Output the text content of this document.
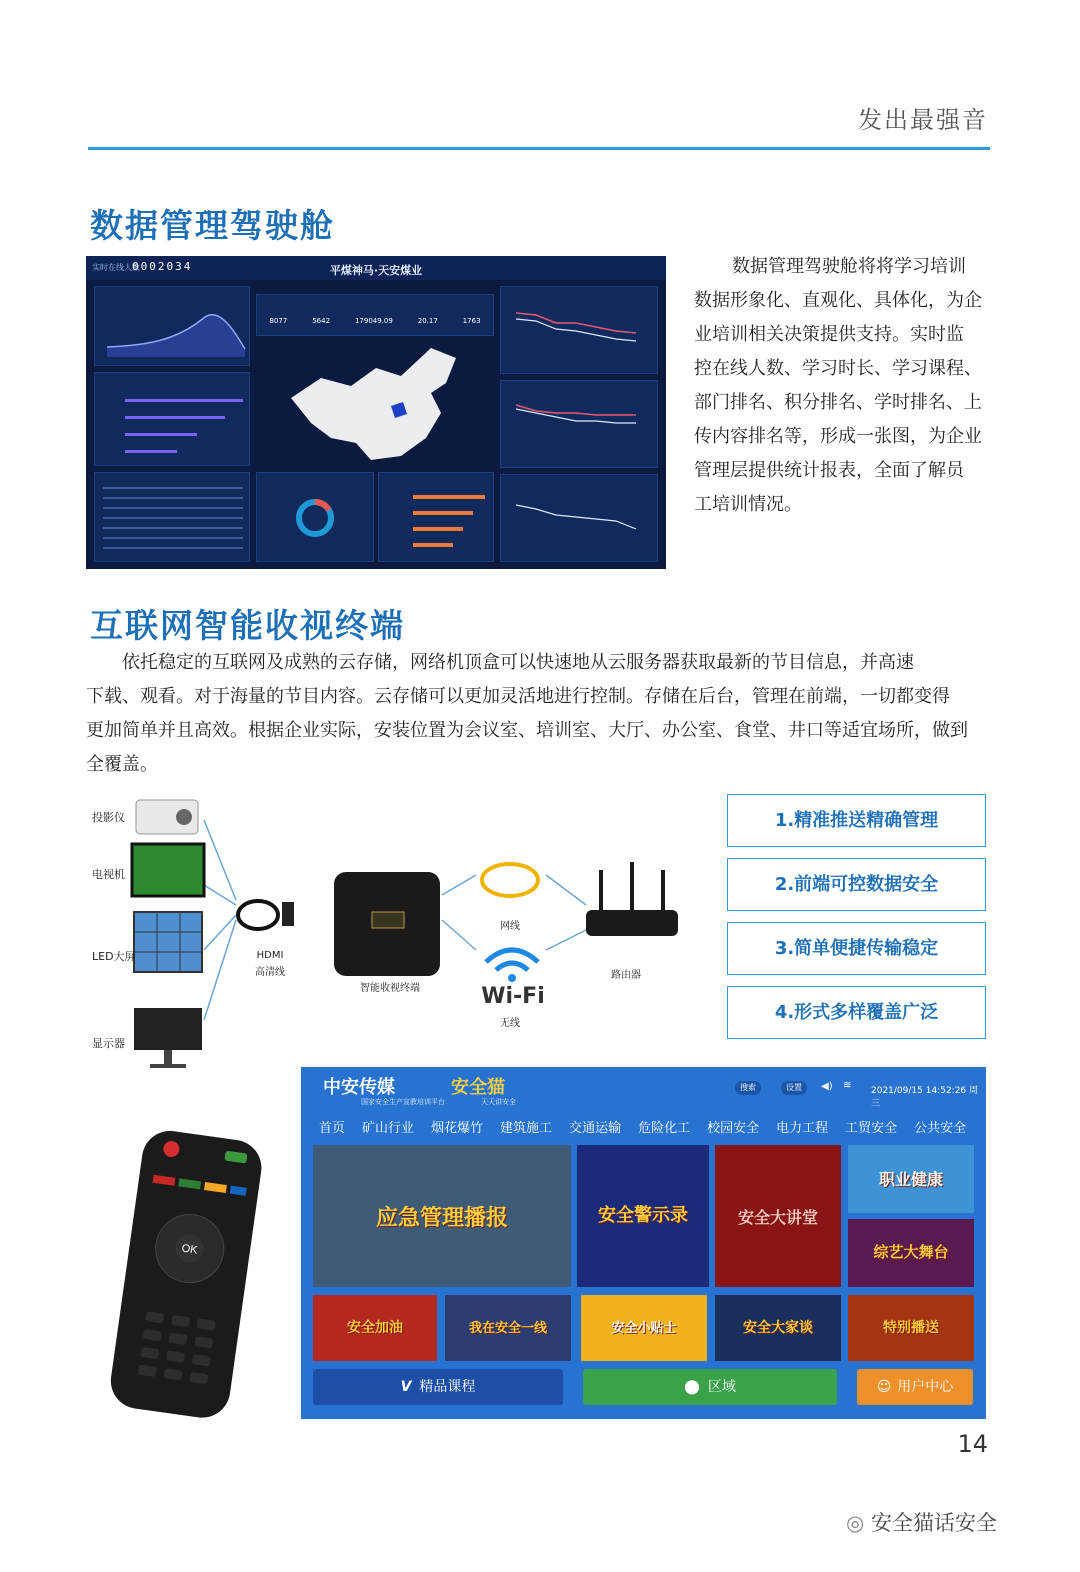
发出最强音
数据管理驾驶舱
实时在线人数
0002034	平煤神马·天安煤业
8077	5642	179049.09	20.17	1763
数据管理驾驶舱将将学习培训
数据形象化、直观化、具体化，为企
业培训相关决策提供支持。实时监
控在线人数、学习时长、学习课程、
部门排名、积分排名、学时排名、上
传内容排名等，形成一张图，为企业
管理层提供统计报表，全面了解员
工培训情况。
互联网智能收视终端
依托稳定的互联网及成熟的云存储，网络机顶盒可以快速地从云服务器获取最新的节目信息，并高速
下载、观看。对于海量的节目内容。云存储可以更加灵活地进行控制。存储在后台，管理在前端，一切都变得
更加简单并且高效。根据企业实际，安装位置为会议室、培训室、大厅、办公室、食堂、井口等适宜场所，做到
全覆盖。
投影仪
电视机
LED大屏
显示器
HDMI
高清线
智能收视终端
网线
Wi-Fi
无线
路由器
1.精准推送精确管理
2.前端可控数据安全
3.简单便捷传输稳定
4.形式多样覆盖广泛
OK
中安传媒
国家安全生产宣教培训平台
安全猫
天天讲安全
搜索	设置	◀) ≋ 2021/09/15 14:52:26 周三
首页 矿山行业 烟花爆竹 建筑施工 交通运输 危险化工 校园安全 电力工程 工贸安全 公共安全
应急管理播报	安全警示录	安全大讲堂
职业健康
综艺大舞台
安全加油	我在安全一线	安全小贴士	安全大家谈	特别播送
V 精品课程	⬤ 区域	☺ 用户中心
14
◎ 安全猫话安全
